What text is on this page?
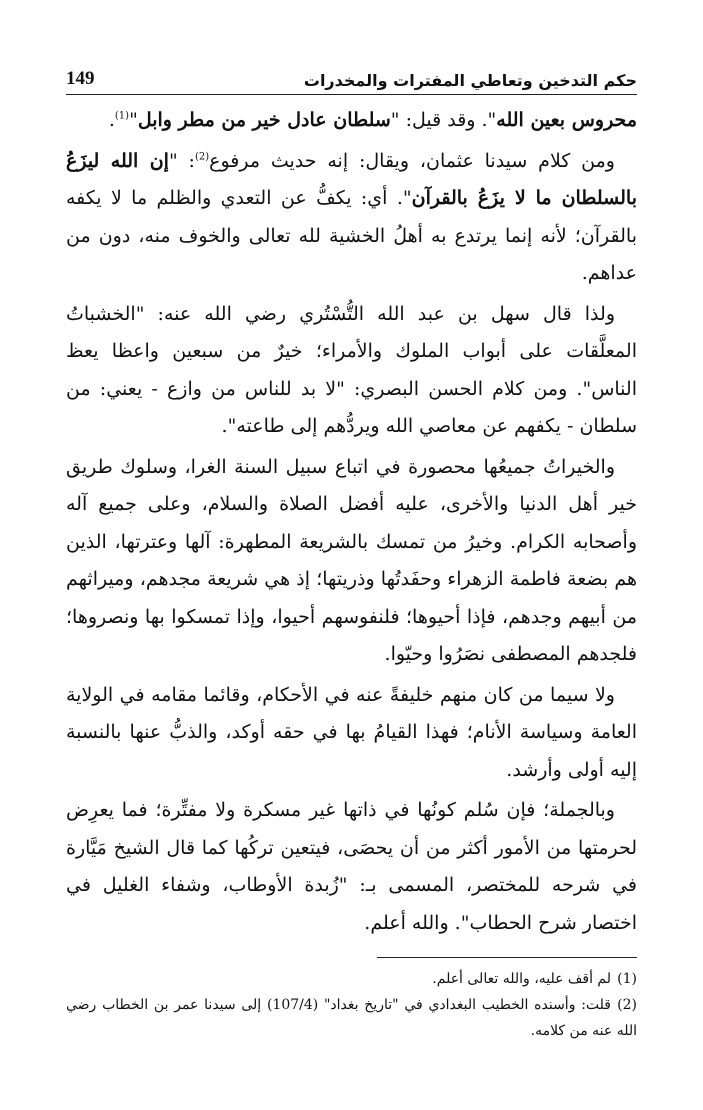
حكم التدخين وتعاطي المفترات والمخدرات
149

محروس بعين الله". وقد قيل: "سلطان عادل خير من مطر وابل"$^{(1)}$.

ومن كلام سيدنا عثمان، ويقال: إنه حديث مرفوع$^{(2)}$: "إن الله ليزَعُ بالسلطان ما لا يزَعُ بالقرآن". أي: يكفُّ عن التعدي والظلم ما لا يكفه بالقرآن؛ لأنه إنما يرتدع به أهلُ الخشية لله تعالى والخوف منه، دون من عداهم.

ولذا قال سهل بن عبد الله التُّسْتُري رضي الله عنه: "الخشباتُ المعلَّقات على أبواب الملوك والأمراء؛ خيرٌ من سبعين واعظا يعظ الناس". ومن كلام الحسن البصري: "لا بد للناس من وازع - يعني: من سلطان - يكفهم عن معاصي الله ويردُّهم إلى طاعته".

والخيراتُ جميعُها محصورة في اتباع سبيل السنة الغرا، وسلوك طريق خير أهل الدنيا والأخرى، عليه أفضل الصلاة والسلام، وعلى جميع آله وأصحابه الكرام. وخيرُ من تمسك بالشريعة المطهرة: آلها وعترتها، الذين هم بضعة فاطمة الزهراء وحفَدتُها وذريتها؛ إذ هي شريعة مجدهم، وميراثهم من أبيهم وجدهم، فإذا أحيوها؛ فلنفوسهم أحيوا، وإذا تمسكوا بها ونصروها؛ فلجدهم المصطفى نصَرُوا وحيّوا.

ولا سيما من كان منهم خليفةً عنه في الأحكام، وقائما مقامه في الولاية العامة وسياسة الأنام؛ فهذا القيامُ بها في حقه أوكد، والذبُّ عنها بالنسبة إليه أولى وأرشد.

وبالجملة؛ فإن سُلم كونُها في ذاتها غير مسكرة ولا مفتِّرة؛ فما يعرِض لحرمتها من الأمور أكثر من أن يحصَى، فيتعين تركُها كما قال الشيخ مَيَّارة في شرحه للمختصر، المسمى بـ: "زُبدة الأوطاب، وشفاء الغليل في اختصار شرح الحطاب". والله أعلم.

(1)لم أقف عليه، والله تعالى أعلم.

(2)قلت: وأسنده الخطيب البغدادي في "تاريخ بغداد" (107/4) إلى سيدنا عمر بن الخطاب رضي الله عنه من كلامه.
